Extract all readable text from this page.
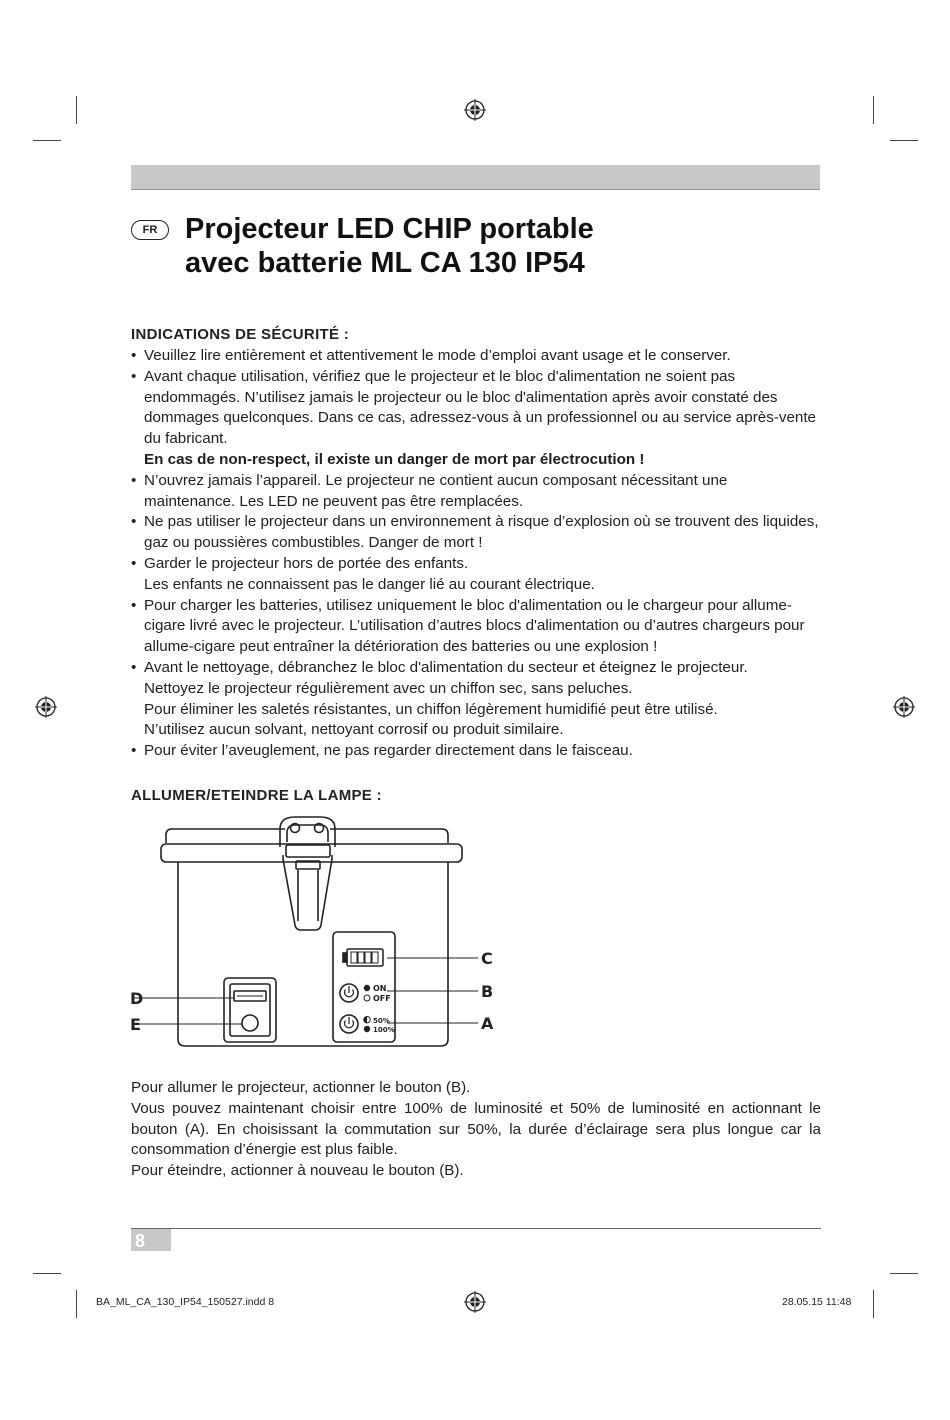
FR Projecteur LED CHIP portable
avec batterie ML CA 130 IP54
INDICATIONS DE SÉCURITÉ :
• Veuillez lire entièrement et attentivement le mode d’emploi avant usage et le conserver.
• Avant chaque utilisation, vérifiez que le projecteur et le bloc d'alimentation ne soient pas endommagés. N’utilisez jamais le projecteur ou le bloc d'alimentation après avoir constaté des dommages quelconques. Dans ce cas, adressez-vous à un professionnel ou au service après-vente du fabricant.
En cas de non-respect, il existe un danger de mort par électrocution !
• N’ouvrez jamais l’appareil. Le projecteur ne contient aucun composant nécessitant une maintenance. Les LED ne peuvent pas être remplacées.
• Ne pas utiliser le projecteur dans un environnement à risque d’explosion où se trouvent des liquides, gaz ou poussières combustibles. Danger de mort !
• Garder le projecteur hors de portée des enfants.
Les enfants ne connaissent pas le danger lié au courant électrique.
• Pour charger les batteries, utilisez uniquement le bloc d'alimentation ou le chargeur pour allume-cigare livré avec le projecteur. L’utilisation d’autres blocs d'alimentation ou d’autres chargeurs pour allume-cigare peut entraîner la détérioration des batteries ou une explosion !
• Avant le nettoyage, débranchez le bloc d'alimentation du secteur et éteignez le projecteur.
Nettoyez le projecteur régulièrement avec un chiffon sec, sans peluches.
Pour éliminer les saletés résistantes, un chiffon légèrement humidifié peut être utilisé.
N’utilisez aucun solvant, nettoyant corrosif ou produit similaire.
• Pour éviter l’aveuglement, ne pas regarder directement dans le faisceau.
ALLUMER/ETEINDRE LA LAMPE :
ON
OFF
50%
100%
C
B
A
D
E

Pour allumer le projecteur, actionner le bouton (B).

Vous pouvez maintenant choisir entre 100% de luminosité et 50% de luminosité en actionnant le bouton (A). En choisissant la commutation sur 50%, la durée d’éclairage sera plus longue car la consommation d’énergie est plus faible.

Pour éteindre, actionner à nouveau le bouton (B).

8
BA_ML_CA_130_IP54_150527.indd 8	28.05.15 11:48
